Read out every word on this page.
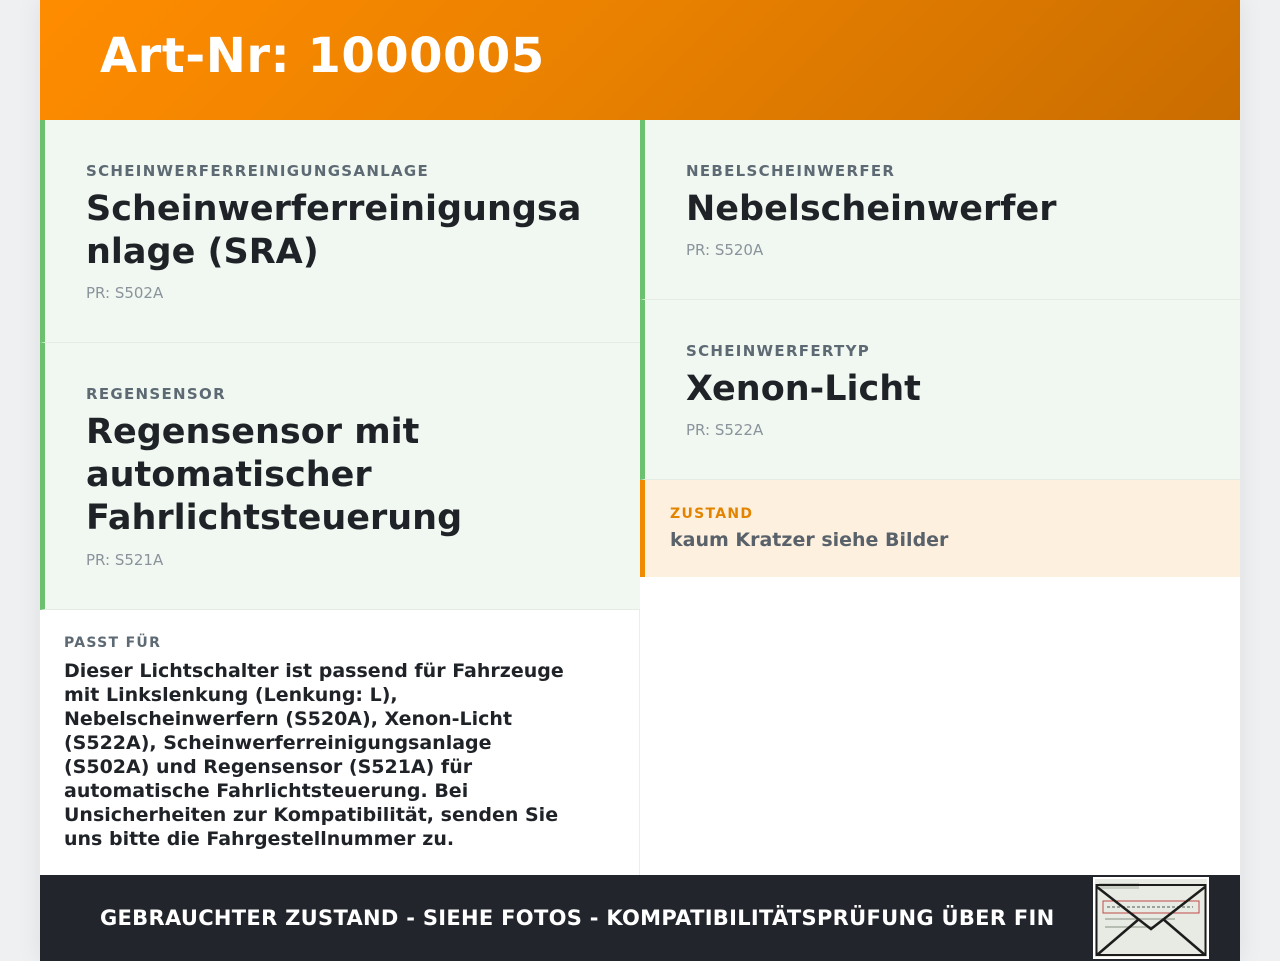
Art-Nr: 1000005

SCHEINWERFERREINIGUNGSANLAGE

Scheinwerferreinigungsanlage (SRA)

PR: S502A

REGENSENSOR

Regensensor mit automatischer Fahrlichtsteuerung

PR: S521A

NEBELSCHEINWERFER

Nebelscheinwerfer

PR: S520A

SCHEINWERFERTYP

Xenon-Licht

PR: S522A

ZUSTAND

kaum Kratzer siehe Bilder

PASST FÜR

Dieser Lichtschalter ist passend für Fahrzeuge mit Linkslenkung (Lenkung: L), Nebelscheinwerfern (S520A), Xenon-Licht (S522A), Scheinwerferreinigungsanlage (S502A) und Regensensor (S521A) für automatische Fahrlichtsteuerung. Bei Unsicherheiten zur Kompatibilität, senden Sie uns bitte die Fahrgestellnummer zu.

GEBRAUCHTER ZUSTAND - SIEHE FOTOS - KOMPATIBILITÄTSPRÜFUNG ÜBER FIN
